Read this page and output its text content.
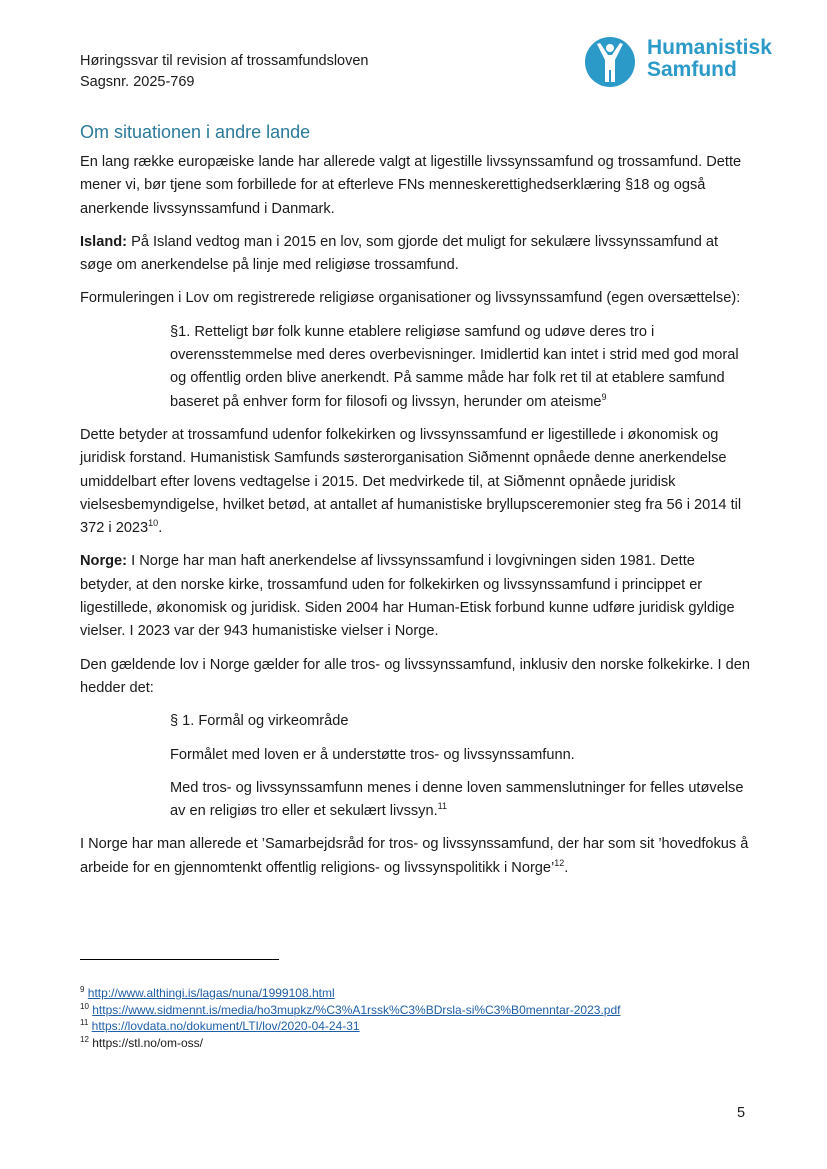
Høringssvar til revision af trossamfundsloven
Sagsnr. 2025-769
Humanistisk
Samfund
Om situationen i andre lande

En lang række europæiske lande har allerede valgt at ligestille livssynssamfund og trossamfund. Dette mener vi, bør tjene som forbillede for at efterleve FNs menneskerettighedserklæring §18 og også anerkende livssynssamfund i Danmark.

Island: På Island vedtog man i 2015 en lov, som gjorde det muligt for sekulære livssynssamfund at søge om anerkendelse på linje med religiøse trossamfund.

Formuleringen i Lov om registrerede religiøse organisationer og livssynssamfund (egen oversættelse):

§1. Retteligt bør folk kunne etablere religiøse samfund og udøve deres tro i overensstemmelse med deres overbevisninger. Imidlertid kan intet i strid med god moral og offentlig orden blive anerkendt. På samme måde har folk ret til at etablere samfund baseret på enhver form for filosofi og livssyn, herunder om ateisme$^9$

Dette betyder at trossamfund udenfor folkekirken og livssynssamfund er ligestillede i økonomisk og juridisk forstand. Humanistisk Samfunds søsterorganisation Siðmennt opnåede denne anerkendelse umiddelbart efter lovens vedtagelse i 2015. Det medvirkede til, at Siðmennt opnåede juridisk vielsesbemyndigelse, hvilket betød, at antallet af humanistiske bryllupsceremonier steg fra 56 i 2014 til 372 i 2023$^{10}$.

Norge: I Norge har man haft anerkendelse af livssynssamfund i lovgivningen siden 1981. Dette betyder, at den norske kirke, trossamfund uden for folkekirken og livssynssamfund i princippet er ligestillede, økonomisk og juridisk. Siden 2004 har Human-Etisk forbund kunne udføre juridisk gyldige vielser. I 2023 var der 943 humanistiske vielser i Norge.

Den gældende lov i Norge gælder for alle tros- og livssynssamfund, inklusiv den norske folkekirke. I den hedder det:

§ 1. Formål og virkeområde

Formålet med loven er å understøtte tros- og livssynssamfunn.

Med tros- og livssynssamfunn menes i denne loven sammenslutninger for felles utøvelse av en religiøs tro eller et sekulært livssyn.$^{11}$

I Norge har man allerede et ’Samarbejdsråd for tros- og livssynssamfund, der har som sit ’hovedfokus å arbeide for en gjennomtenkt offentlig religions- og livssynspolitikk i Norge’$^{12}$.

$^9$ http://www.althingi.is/lagas/nuna/1999108.html
$^{10}$ https://www.sidmennt.is/media/ho3mupkz/%C3%A1rssk%C3%BDrsla-si%C3%B0menntar-2023.pdf
$^{11}$ https://lovdata.no/dokument/LTI/lov/2020-04-24-31
$^{12}$ https://stl.no/om-oss/
5
